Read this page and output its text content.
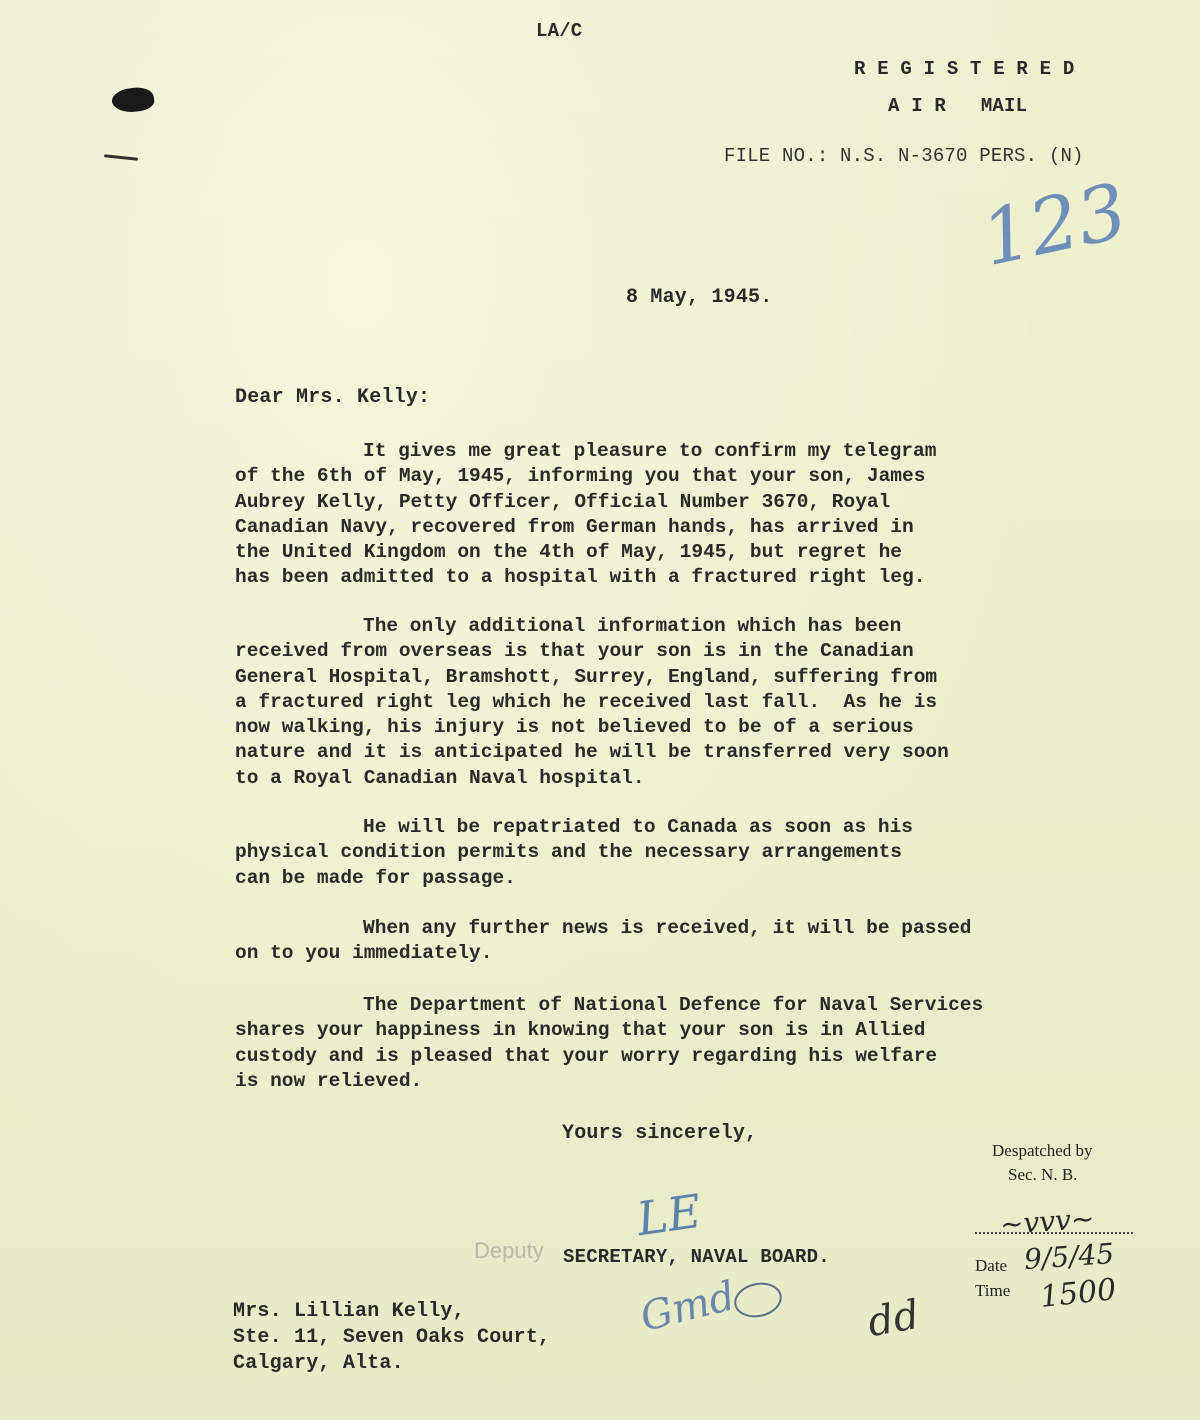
LA/C
R E G I S T E R E D
A I R   MAIL
FILE NO.: N.S. N-3670 PERS. (N)
123
8 May, 1945.
Dear Mrs. Kelly:
It gives me great pleasure to confirm my telegram
of the 6th of May, 1945, informing you that your son, James
Aubrey Kelly, Petty Officer, Official Number 3670, Royal
Canadian Navy, recovered from German hands, has arrived in
the United Kingdom on the 4th of May, 1945, but regret he
has been admitted to a hospital with a fractured right leg.
The only additional information which has been
received from overseas is that your son is in the Canadian
General Hospital, Bramshott, Surrey, England, suffering from
a fractured right leg which he received last fall.  As he is
now walking, his injury is not believed to be of a serious
nature and it is anticipated he will be transferred very soon
to a Royal Canadian Naval hospital.
He will be repatriated to Canada as soon as his
physical condition permits and the necessary arrangements
can be made for passage.
When any further news is received, it will be passed
on to you immediately.
The Department of National Defence for Naval Services
shares your happiness in knowing that your son is in Allied
custody and is pleased that your worry regarding his welfare
is now relieved.
Yours sincerely,
Despatched by
Sec. N. B.
~vvv~
Date 9/5/45
Time 1500
LE
Deputy SECRETARY, NAVAL BOARD.
Gmd	dd
Mrs. Lillian Kelly,
Ste. 11, Seven Oaks Court,
Calgary, Alta.
